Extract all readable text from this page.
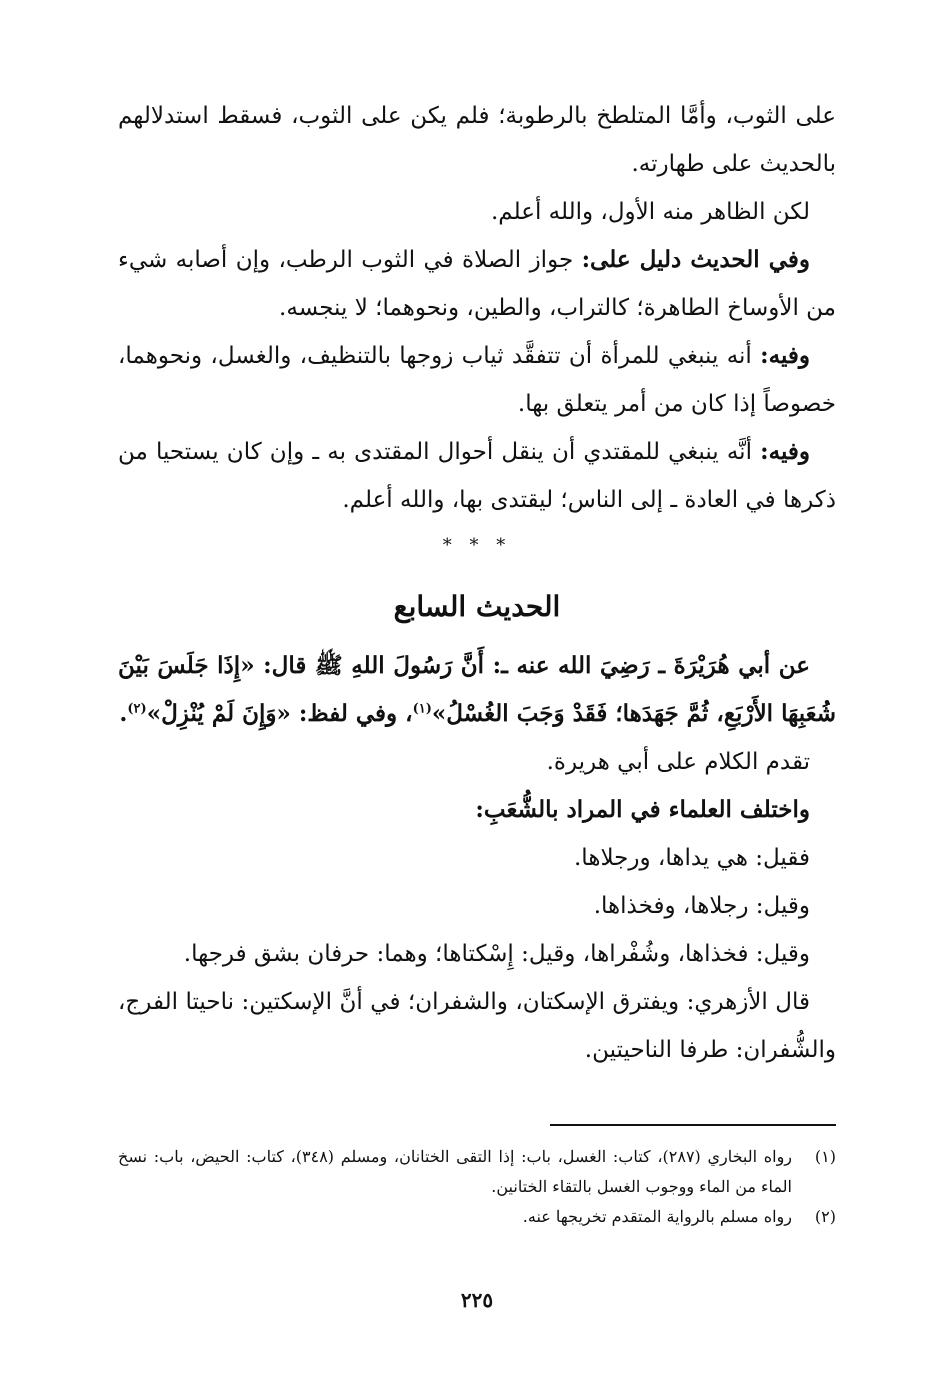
على الثوب، وأمَّا المتلطخ بالرطوبة؛ فلم يكن على الثوب، فسقط استدلالهم بالحديث على طهارته.

لكن الظاهر منه الأول، والله أعلم.

وفي الحديث دليل على: جواز الصلاة في الثوب الرطب، وإن أصابه شيء من الأوساخ الطاهرة؛ كالتراب، والطين، ونحوهما؛ لا ينجسه.

وفيه: أنه ينبغي للمرأة أن تتفقَّد ثياب زوجها بالتنظيف، والغسل، ونحوهما، خصوصاً إذا كان من أمر يتعلق بها.

وفيه: أنَّه ينبغي للمقتدي أن ينقل أحوال المقتدى به ـ وإن كان يستحيا من ذكرها في العادة ـ إلى الناس؛ ليقتدى بها، والله أعلم.

* * *
الحديث السابع

عن أبي هُرَيْرَةَ ـ رَضِيَ الله عنه ـ: أَنَّ رَسُولَ اللهِ ﷺ قال: «إِذَا جَلَسَ بَيْنَ شُعَبِهَا الأَرْبَعِ، ثُمَّ جَهَدَها؛ فَقَدْ وَجَبَ الغُسْلُ»$^{(١)}$، وفي لفظ: «وَإِنَ لَمْ يُنْزِلْ»$^{(٢)}$.

تقدم الكلام على أبي هريرة.

واختلف العلماء في المراد بالشُّعَبِ:

فقيل: هي يداها، ورجلاها.

وقيل: رجلاها، وفخذاها.

وقيل: فخذاها، وشُفْراها، وقيل: إِسْكتاها؛ وهما: حرفان بشق فرجها.

قال الأزهري: ويفترق الإسكتان، والشفران؛ في أنَّ الإسكتين: ناحيتا الفرج، والشُّفران: طرفا الناحيتين.

(١)
رواه البخاري (٢٨٧)، كتاب: الغسل، باب: إذا التقى الختانان، ومسلم (٣٤٨)، كتاب: الحيض، باب: نسخ الماء من الماء ووجوب الغسل بالتقاء الختانين.
(٢)
رواه مسلم بالرواية المتقدم تخريجها عنه.
٢٢٥
